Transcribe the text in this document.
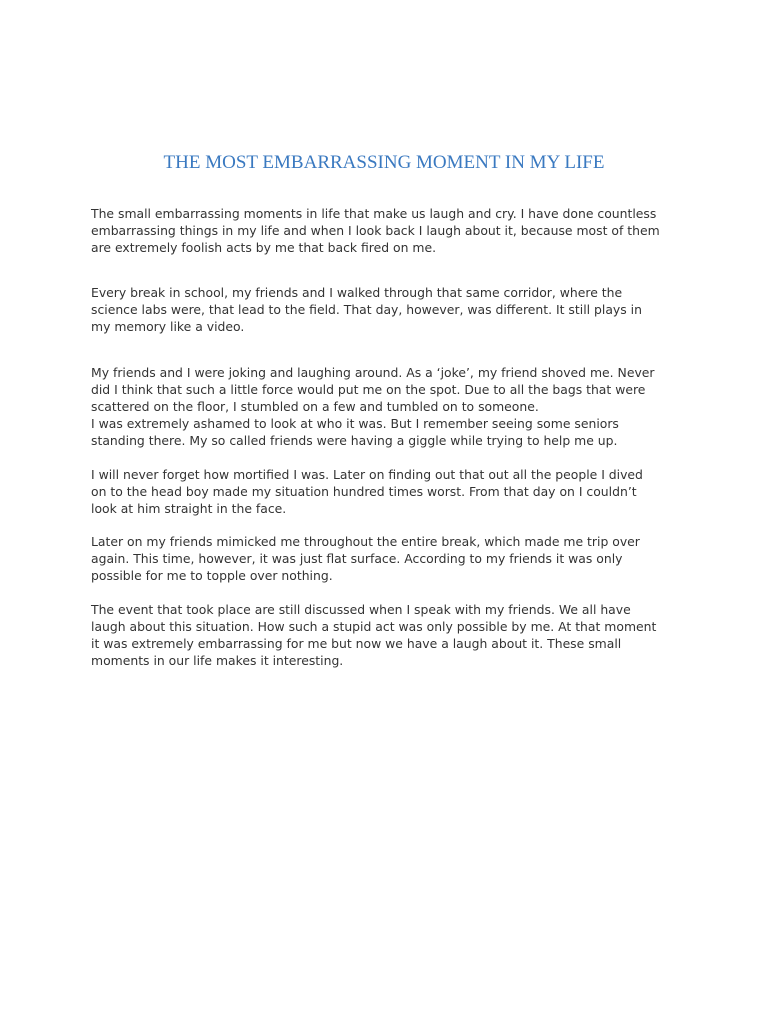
THE MOST EMBARRASSING MOMENT IN MY LIFE
The small embarrassing moments in life that make us laugh and cry. I have done countless
embarrassing things in my life and when I look back I laugh about it, because most of them
are extremely foolish acts by me that back fired on me.
Every break in school, my friends and I walked through that same corridor, where the
science labs were, that lead to the field. That day, however, was different. It still plays in
my memory like a video.
My friends and I were joking and laughing around. As a ‘joke’, my friend shoved me. Never
did I think that such a little force would put me on the spot. Due to all the bags that were
scattered on the floor, I stumbled on a few and tumbled on to someone.
I was extremely ashamed to look at who it was. But I remember seeing some seniors
standing there. My so called friends were having a giggle while trying to help me up.
I will never forget how mortified I was. Later on finding out that out all the people I dived
on to the head boy made my situation hundred times worst. From that day on I couldn’t
look at him straight in the face.
Later on my friends mimicked me throughout the entire break, which made me trip over
again. This time, however, it was just flat surface. According to my friends it was only
possible for me to topple over nothing.
The event that took place are still discussed when I speak with my friends. We all have
laugh about this situation. How such a stupid act was only possible by me. At that moment
it was extremely embarrassing for me but now we have a laugh about it. These small
moments in our life makes it interesting.
